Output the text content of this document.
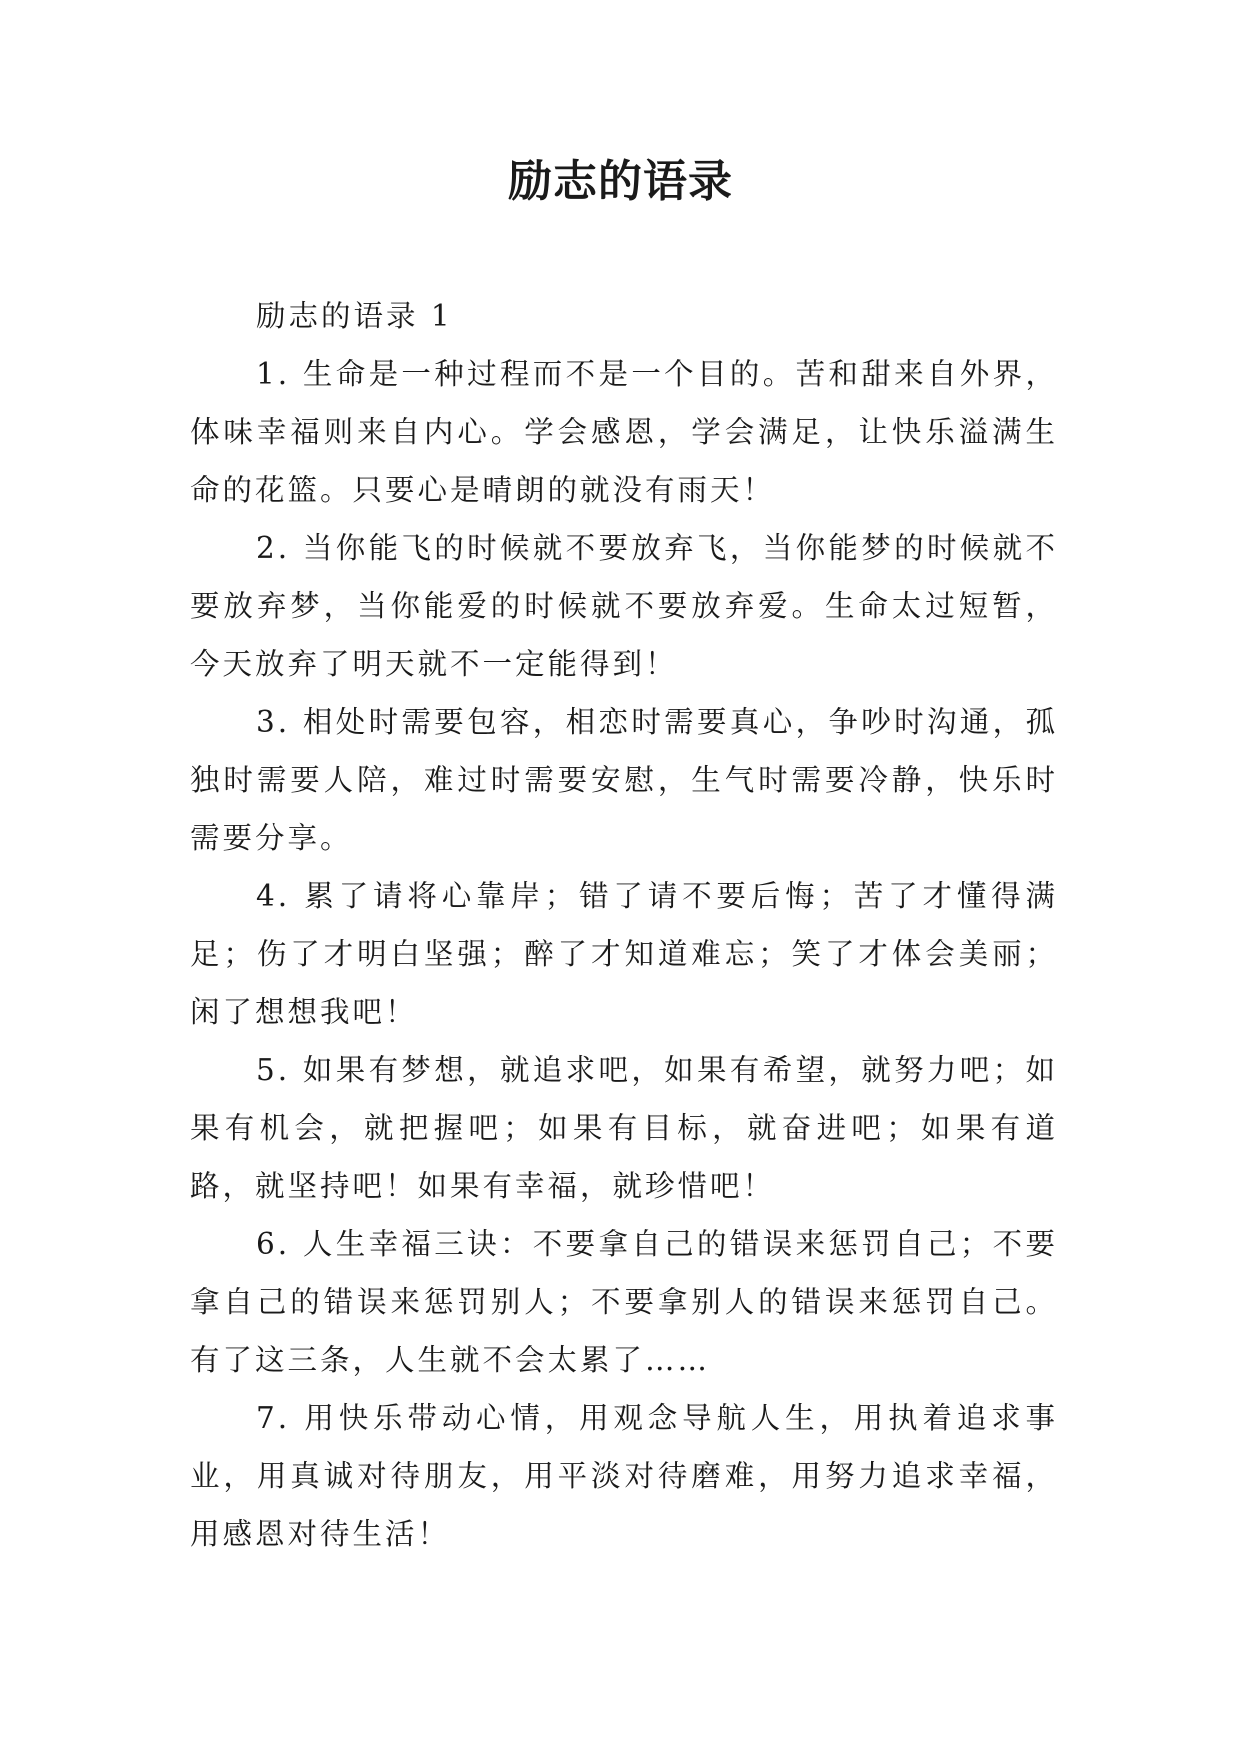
励志的语录

励志的语录 1

1. 生命是一种过程而不是一个目的。苦和甜来自外界，体味幸福则来自内心。学会感恩，学会满足，让快乐溢满生命的花篮。只要心是晴朗的就没有雨天！

2. 当你能飞的时候就不要放弃飞，当你能梦的时候就不要放弃梦，当你能爱的时候就不要放弃爱。生命太过短暂，今天放弃了明天就不一定能得到！

3. 相处时需要包容，相恋时需要真心，争吵时沟通，孤独时需要人陪，难过时需要安慰，生气时需要冷静，快乐时需要分享。

4. 累了请将心靠岸；错了请不要后悔；苦了才懂得满足；伤了才明白坚强；醉了才知道难忘；笑了才体会美丽；闲了想想我吧！

5. 如果有梦想，就追求吧，如果有希望，就努力吧；如果有机会，就把握吧；如果有目标，就奋进吧；如果有道路，就坚持吧！如果有幸福，就珍惜吧！

6. 人生幸福三诀：不要拿自己的错误来惩罚自己；不要拿自己的错误来惩罚别人；不要拿别人的错误来惩罚自己。有了这三条，人生就不会太累了……

7. 用快乐带动心情，用观念导航人生，用执着追求事业，用真诚对待朋友，用平淡对待磨难，用努力追求幸福，用感恩对待生活！
